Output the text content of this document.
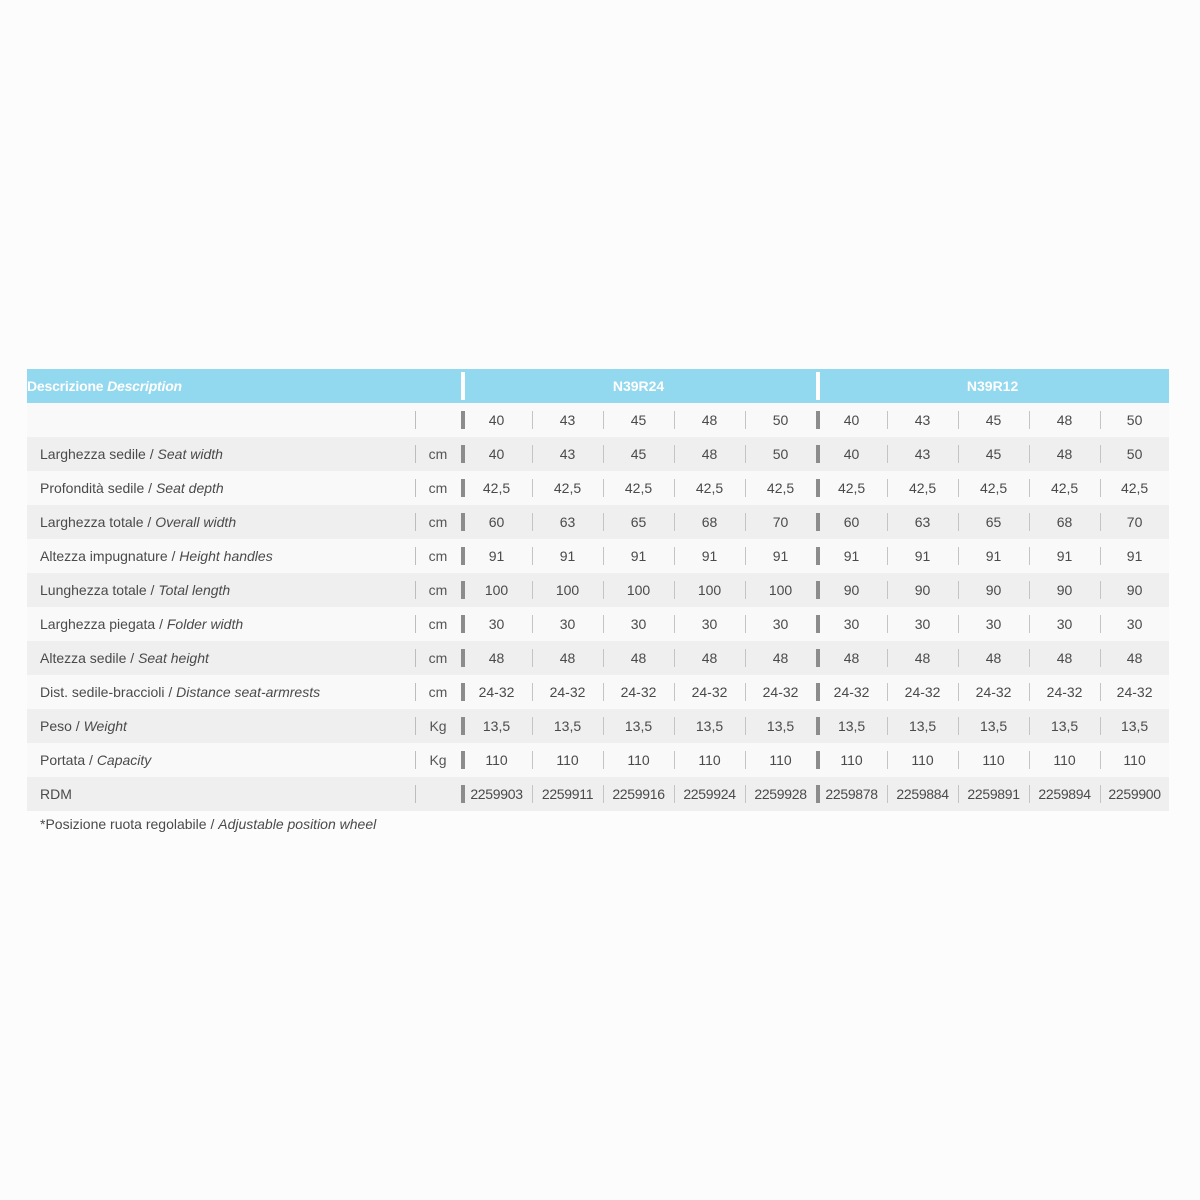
Descrizione Description		N39R24					N39R12				
		40	43	45	48	50	40	43	45	48	50
Larghezza sedile / Seat width	cm	40	43	45	48	50	40	43	45	48	50
Profondità sedile / Seat depth	cm	42,5	42,5	42,5	42,5	42,5	42,5	42,5	42,5	42,5	42,5
Larghezza totale / Overall width	cm	60	63	65	68	70	60	63	65	68	70
Altezza impugnature / Height handles	cm	91	91	91	91	91	91	91	91	91	91
Lunghezza totale / Total length	cm	100	100	100	100	100	90	90	90	90	90
Larghezza piegata / Folder width	cm	30	30	30	30	30	30	30	30	30	30
Altezza sedile / Seat height	cm	48	48	48	48	48	48	48	48	48	48
Dist. sedile-braccioli / Distance seat-armrests	cm	24-32	24-32	24-32	24-32	24-32	24-32	24-32	24-32	24-32	24-32
Peso / Weight	Kg	13,5	13,5	13,5	13,5	13,5	13,5	13,5	13,5	13,5	13,5
Portata / Capacity	Kg	110	110	110	110	110	110	110	110	110	110
RDM		2259903	2259911	2259916	2259924	2259928	2259878	2259884	2259891	2259894	2259900
*Posizione ruota regolabile / Adjustable position wheel
